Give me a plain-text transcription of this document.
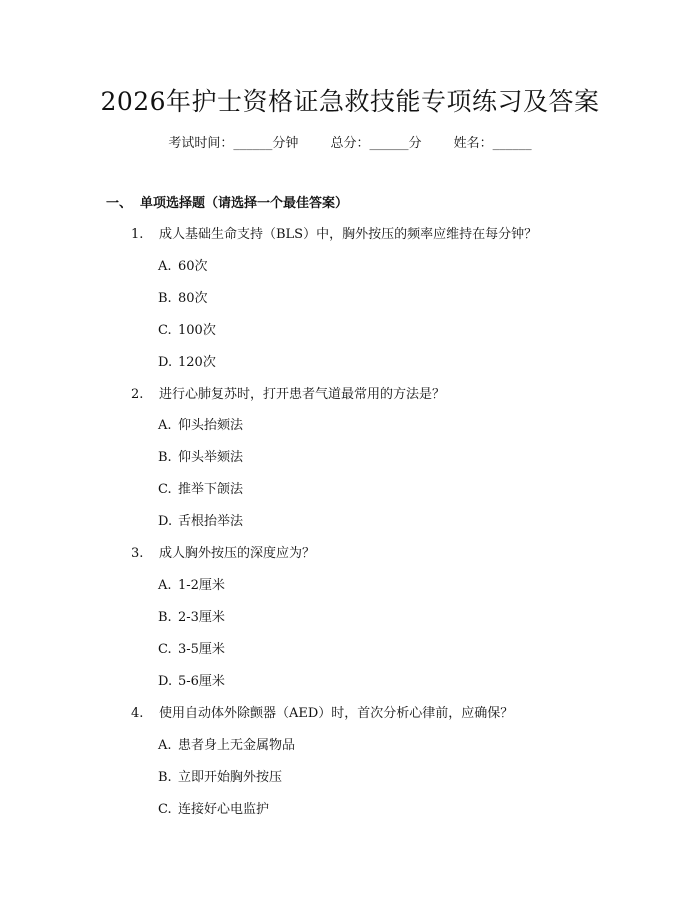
2026年护士资格证急救技能专项练习及答案
考试时间：______分钟 总分：______分 姓名：______
一、 单项选择题（请选择一个最佳答案）
1. 成人基础生命支持（BLS）中，胸外按压的频率应维持在每分钟？
A. 60次
B. 80次
C. 100次
D. 120次
2. 进行心肺复苏时，打开患者气道最常用的方法是？
A. 仰头抬颏法
B. 仰头举颏法
C. 推举下颌法
D. 舌根抬举法
3. 成人胸外按压的深度应为？
A. 1-2厘米
B. 2-3厘米
C. 3-5厘米
D. 5-6厘米
4. 使用自动体外除颤器（AED）时，首次分析心律前，应确保？
A. 患者身上无金属物品
B. 立即开始胸外按压
C. 连接好心电监护
